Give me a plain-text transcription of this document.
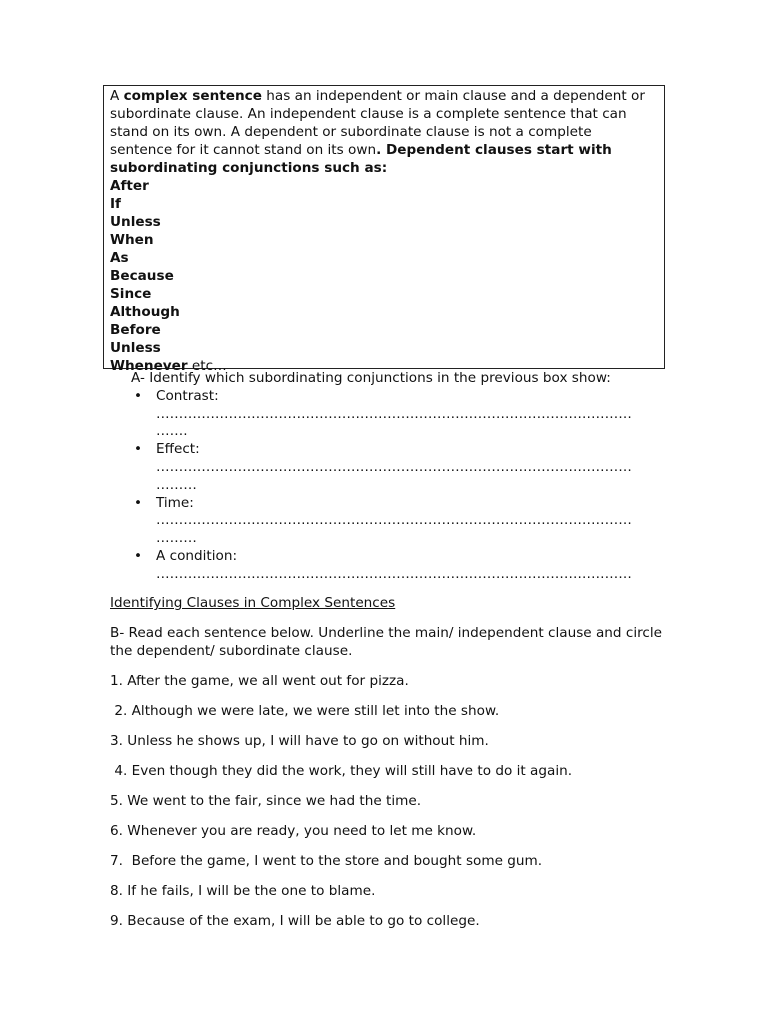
A complex sentence has an independent or main clause and a dependent or subordinate clause. An independent clause is a complete sentence that can stand on its own. A dependent or subordinate clause is not a complete sentence for it cannot stand on its own. Dependent clauses start with subordinating conjunctions such as:

After
If
Unless
When
As
Because
Since
Although
Before
Unless
Whenever etc…

A- Identify which subordinating conjunctions in the previous box show:

• Contrast:
……………………………………………………………………………………………
…….
• Effect:
……………………………………………………………………………………………
………
• Time:
……………………………………………………………………………………………
………
• A condition:
……………………………………………………………………………………………

Identifying Clauses in Complex Sentences

B- Read each sentence below. Underline the main/ independent clause and circle the dependent/ subordinate clause.

1. After the game, we all went out for pizza.

2. Although we were late, we were still let into the show.

3. Unless he shows up, I will have to go on without him.

4. Even though they did the work, they will still have to do it again.

5. We went to the fair, since we had the time.

6. Whenever you are ready, you need to let me know.

7.  Before the game, I went to the store and bought some gum.

8. If he fails, I will be the one to blame.

9. Because of the exam, I will be able to go to college.
